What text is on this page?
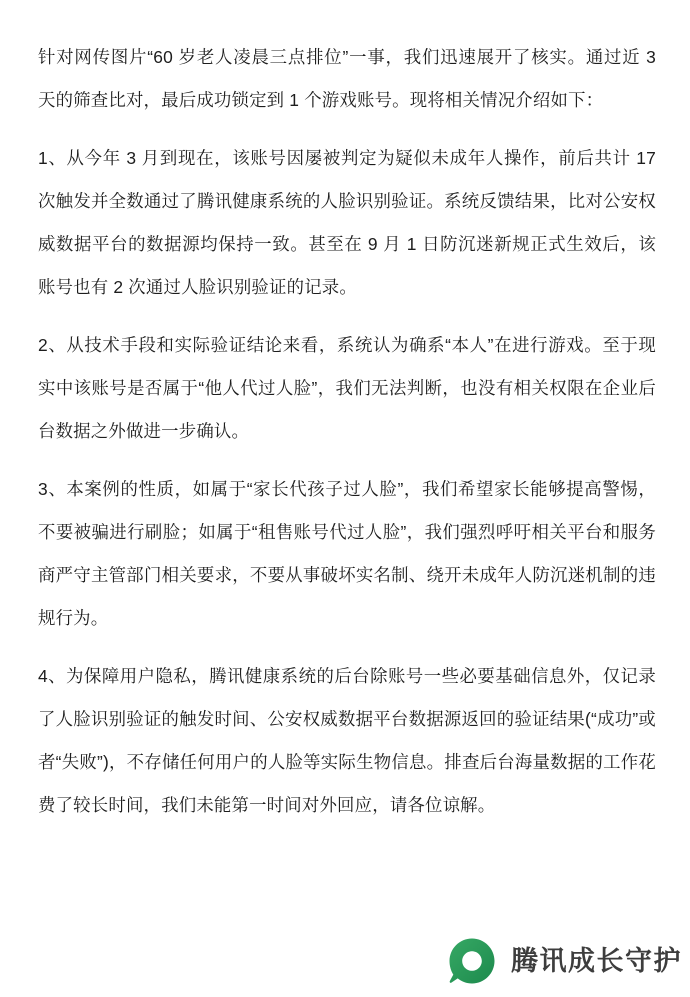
针对网传图片“60 岁老人凌晨三点排位”一事，我们迅速展开了核实。通过近 3 天的筛查比对，最后成功锁定到 1 个游戏账号。现将相关情况介绍如下：

1、从今年 3 月到现在，该账号因屡被判定为疑似未成年人操作，前后共计 17 次触发并全数通过了腾讯健康系统的人脸识别验证。系统反馈结果，比对公安权威数据平台的数据源均保持一致。甚至在 9 月 1 日防沉迷新规正式生效后，该账号也有 2 次通过人脸识别验证的记录。

2、从技术手段和实际验证结论来看，系统认为确系“本人”在进行游戏。至于现实中该账号是否属于“他人代过人脸”，我们无法判断，也没有相关权限在企业后台数据之外做进一步确认。

3、本案例的性质，如属于“家长代孩子过人脸”，我们希望家长能够提高警惕，不要被骗进行刷脸；如属于“租售账号代过人脸”，我们强烈呼吁相关平台和服务商严守主管部门相关要求，不要从事破坏实名制、绕开未成年人防沉迷机制的违规行为。

4、为保障用户隐私，腾讯健康系统的后台除账号一些必要基础信息外，仅记录了人脸识别验证的触发时间、公安权威数据平台数据源返回的验证结果(“成功”或者“失败”)，不存储任何用户的人脸等实际生物信息。排查后台海量数据的工作花费了较长时间，我们未能第一时间对外回应，请各位谅解。

腾讯成长守护
